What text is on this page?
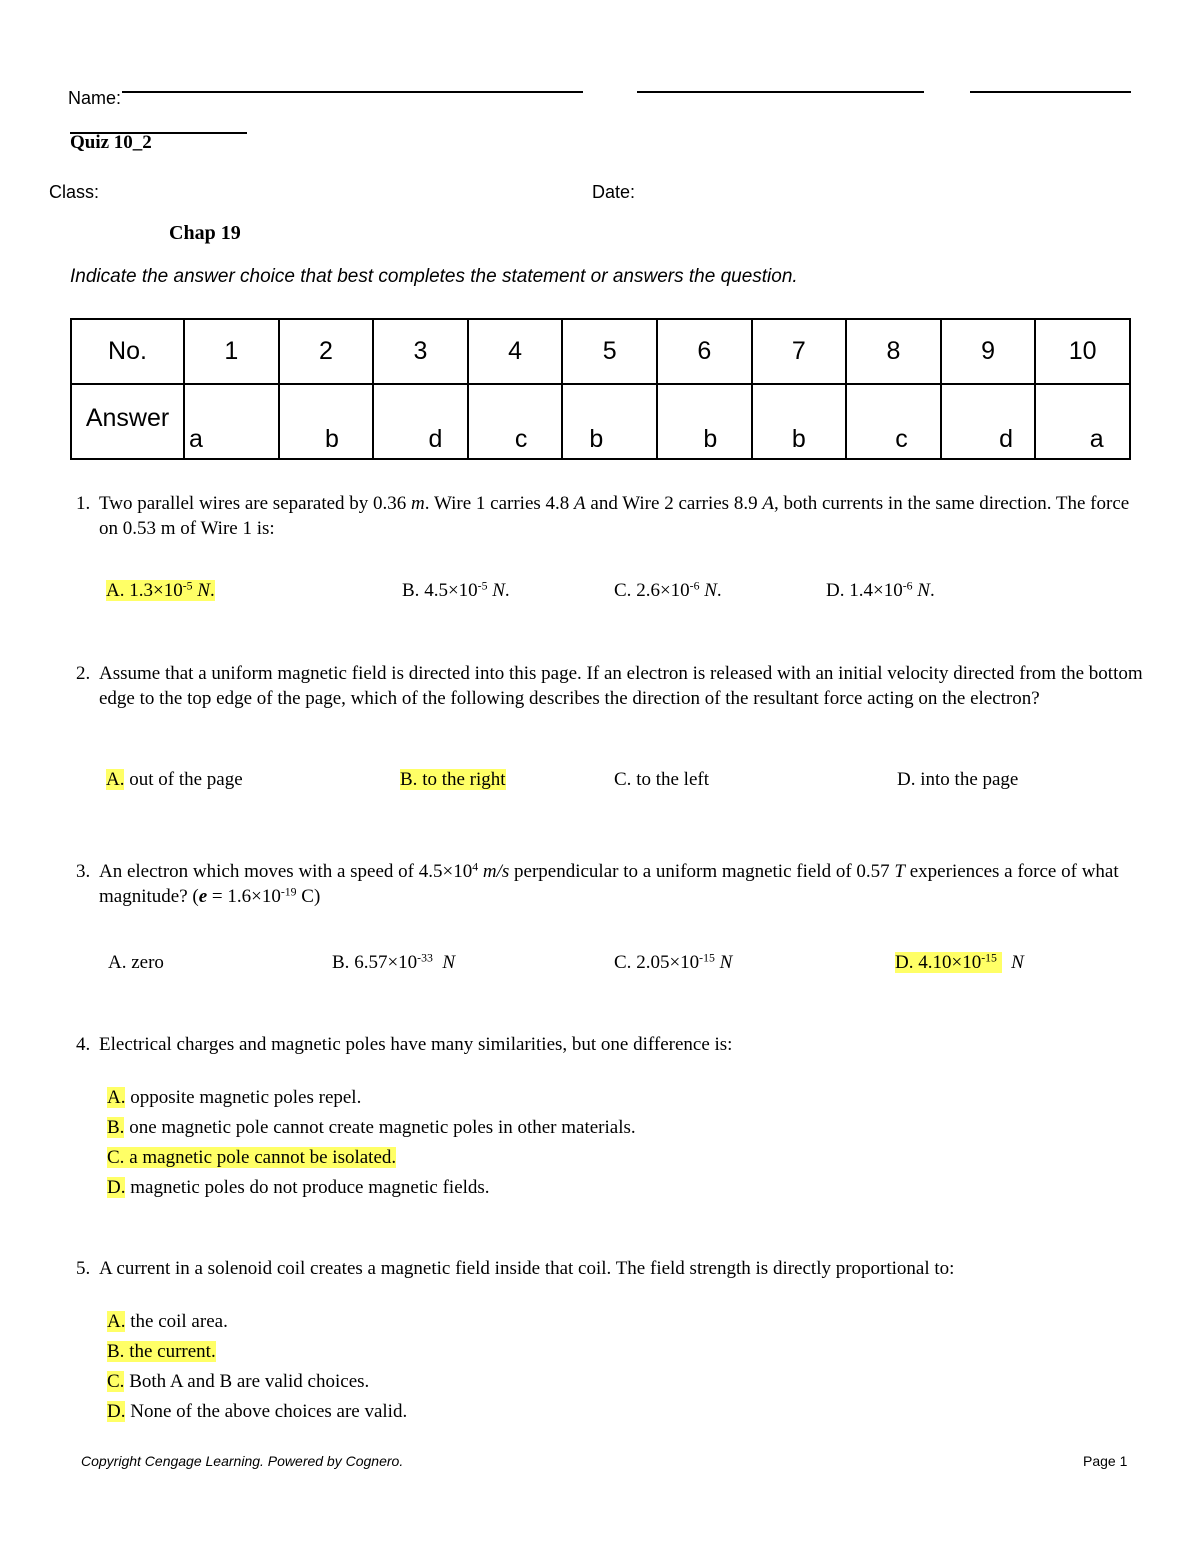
Name:
Quiz 10_2
Class:	Date:
Chap 19
Indicate the answer choice that best completes the statement or answers the question.
No.	1	2	3	4	5	6	7	8	9	10
Answer	a	b	d	c	b	b	b	c	d	a
1. Two parallel wires are separated by 0.36 m. Wire 1 carries 4.8 A and Wire 2 carries 8.9 A, both currents in the same direction. The force on 0.53 m of Wire 1 is:
A. $1.3\times 10^{-5}$ N.	B. $4.5\times 10^{-5}$ N.	C. $2.6\times 10^{-6}$ N.	D. $1.4\times 10^{-6}$ N.
2. Assume that a uniform magnetic field is directed into this page. If an electron is released with an initial velocity directed from the bottom edge to the top edge of the page, which of the following describes the direction of the resultant force acting on the electron?
A. out of the page	B. to the right	C. to the left	D. into the page
3. An electron which moves with a speed of $4.5\times 10^4$ m/s perpendicular to a uniform magnetic field of 0.57 T experiences a force of what magnitude? ($e = 1.6\times 10^{-19}$ C)
A. zero	B. $6.57\times 10^{-33}$ N	C. $2.05\times 10^{-15}$ N	D. $4.10\times 10^{-15}$ N
4. Electrical charges and magnetic poles have many similarities, but one difference is:
A. opposite magnetic poles repel.
B. one magnetic pole cannot create magnetic poles in other materials.
C. a magnetic pole cannot be isolated.
D. magnetic poles do not produce magnetic fields.
5. A current in a solenoid coil creates a magnetic field inside that coil. The field strength is directly proportional to:
A. the coil area.
B. the current.
C. Both A and B are valid choices.
D. None of the above choices are valid.
Copyright Cengage Learning. Powered by Cognero.	Page 1
